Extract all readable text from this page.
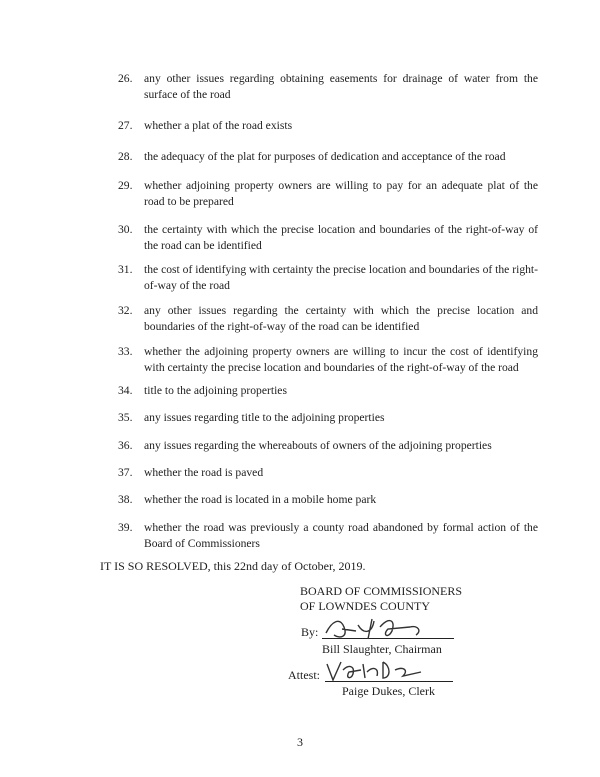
26. any other issues regarding obtaining easements for drainage of water from the surface of the road
27. whether a plat of the road exists
28. the adequacy of the plat for purposes of dedication and acceptance of the road
29. whether adjoining property owners are willing to pay for an adequate plat of the road to be prepared
30. the certainty with which the precise location and boundaries of the right-of-way of the road can be identified
31. the cost of identifying with certainty the precise location and boundaries of the right-of-way of the road
32. any other issues regarding the certainty with which the precise location and boundaries of the right-of-way of the road can be identified
33. whether the adjoining property owners are willing to incur the cost of identifying with certainty the precise location and boundaries of the right-of-way of the road
34. title to the adjoining properties
35. any issues regarding title to the adjoining properties
36. any issues regarding the whereabouts of owners of the adjoining properties
37. whether the road is paved
38. whether the road is located in a mobile home park
39. whether the road was previously a county road abandoned by formal action of the Board of Commissioners
IT IS SO RESOLVED, this 22nd day of October, 2019.
BOARD OF COMMISSIONERS
OF LOWNDES COUNTY
By:
Bill Slaughter, Chairman
Attest:
Paige Dukes, Clerk
3
